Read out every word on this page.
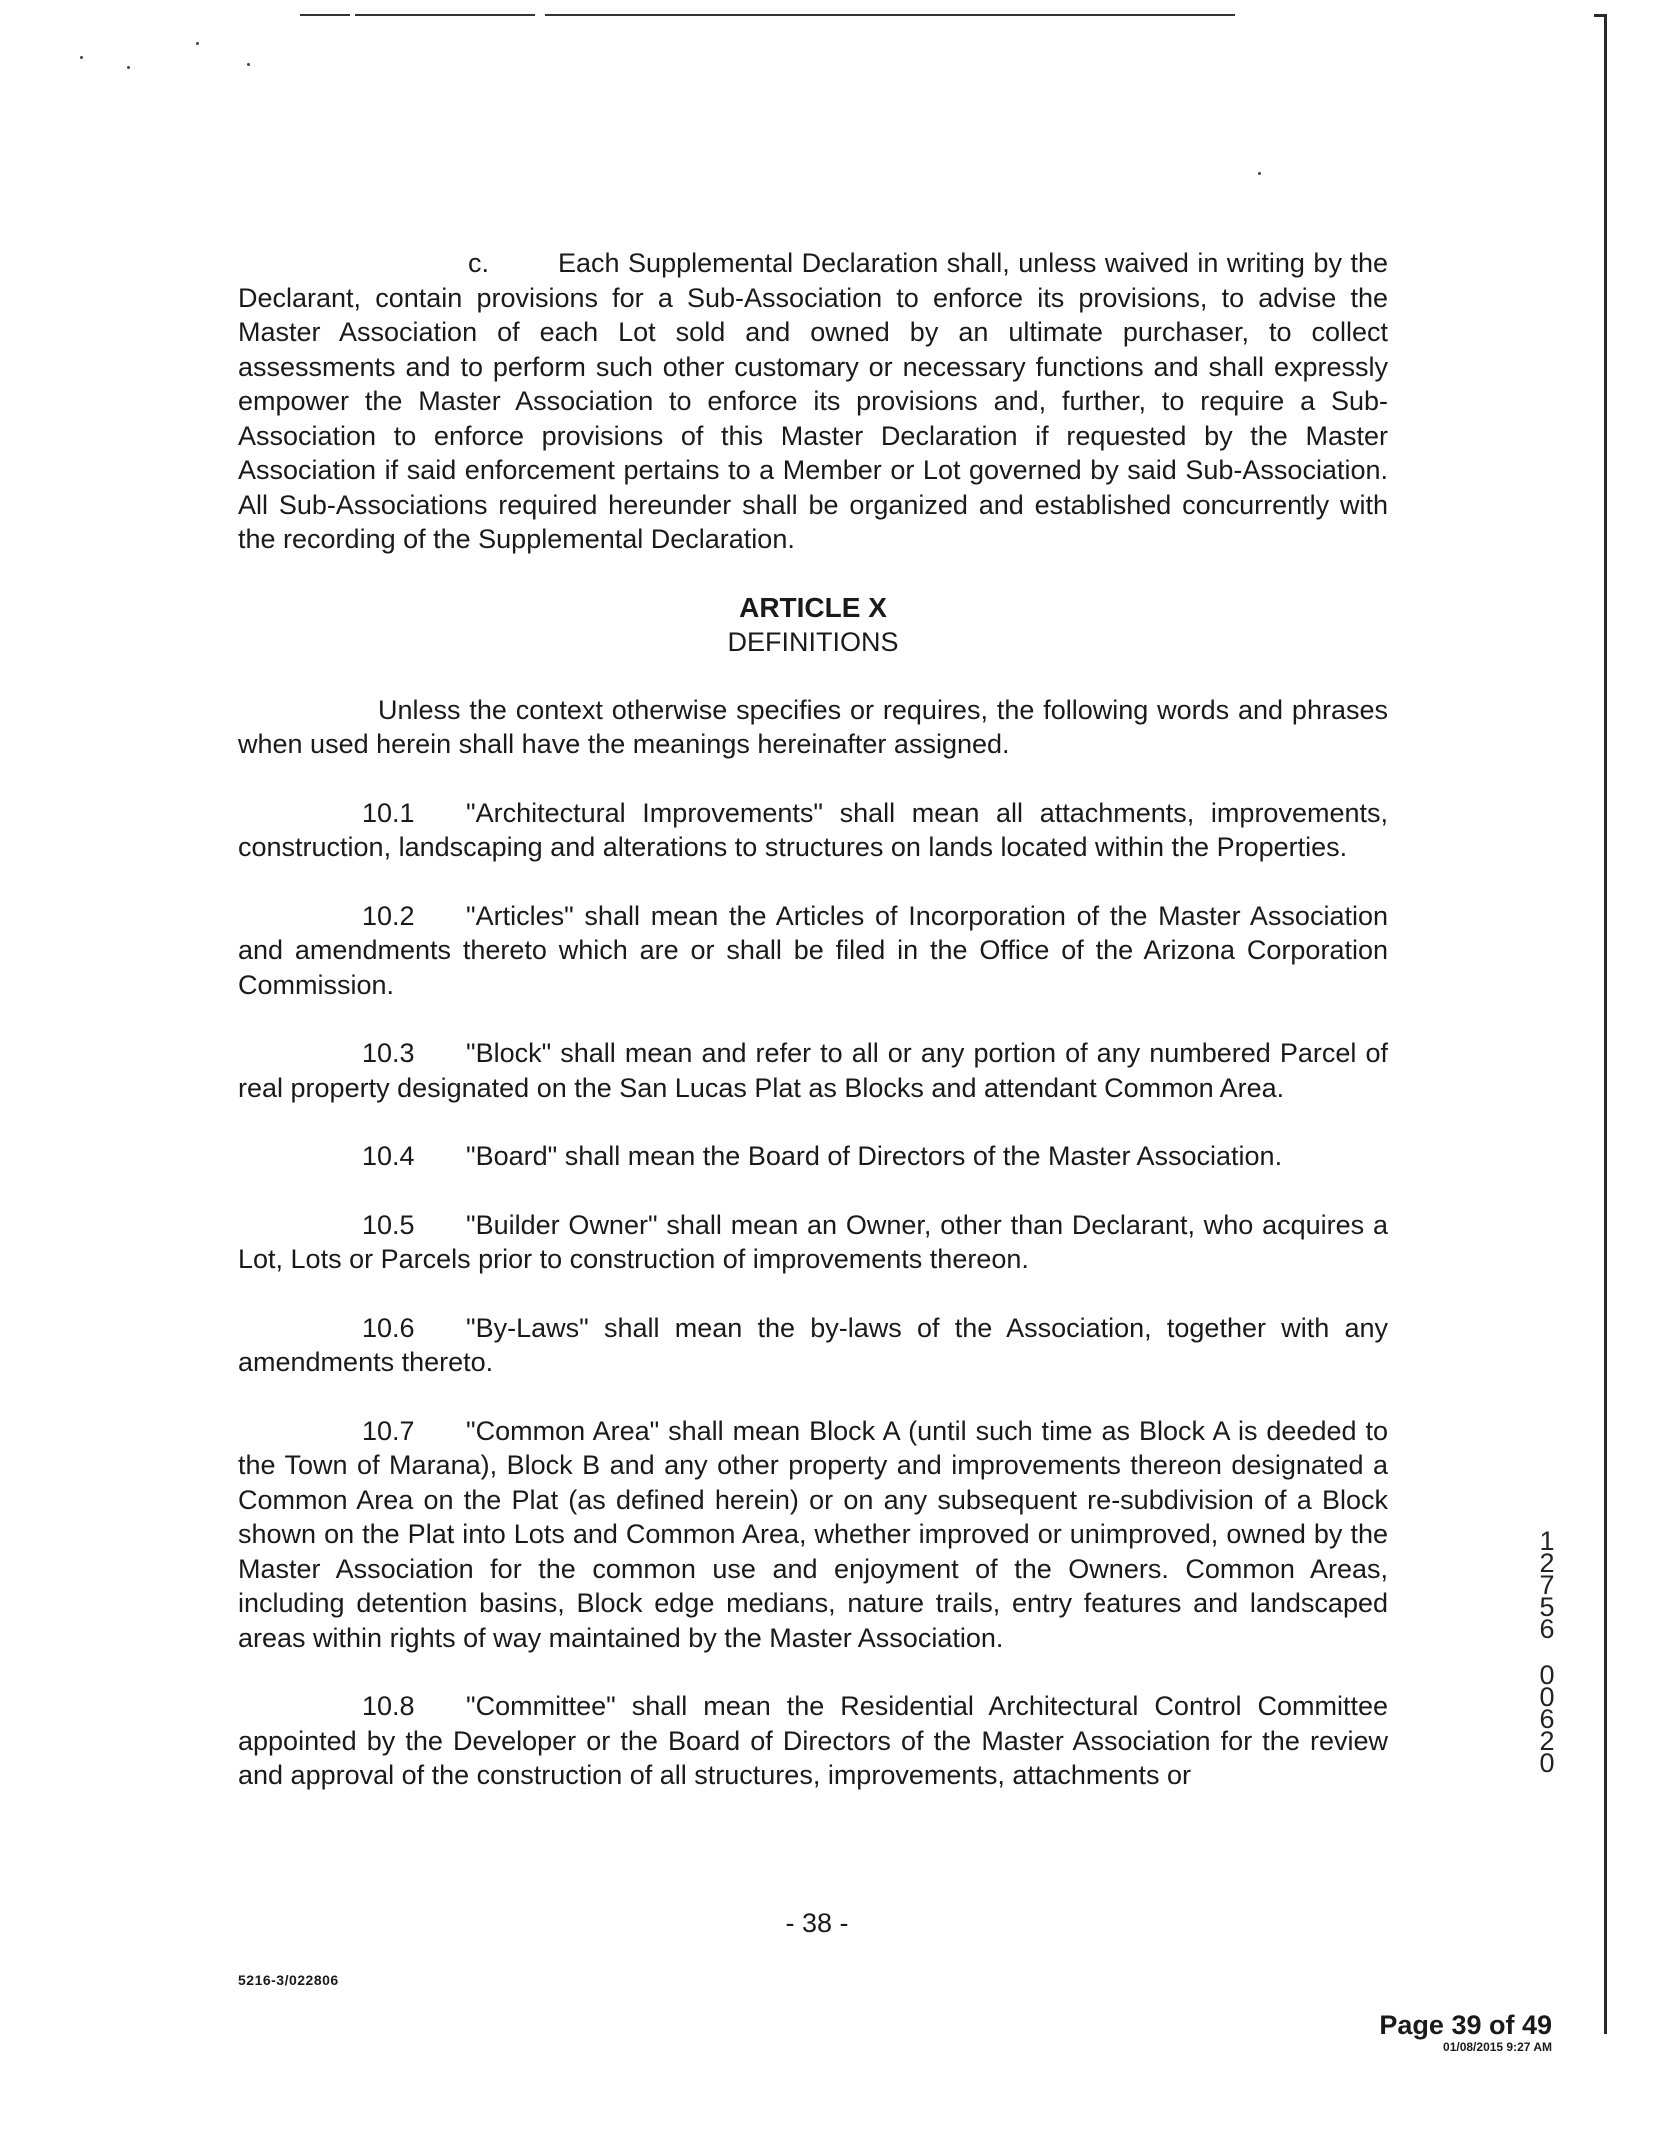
c.	Each Supplemental Declaration shall, unless waived in writing by the Declarant, contain provisions for a Sub-Association to enforce its provisions, to advise the Master Association of each Lot sold and owned by an ultimate purchaser, to collect assessments and to perform such other customary or necessary functions and shall expressly empower the Master Association to enforce its provisions and, further, to require a Sub-Association to enforce provisions of this Master Declaration if requested by the Master Association if said enforcement pertains to a Member or Lot governed by said Sub-Association. All Sub-Associations required hereunder shall be organized and established concurrently with the recording of the Supplemental Declaration.

ARTICLE X

DEFINITIONS

Unless the context otherwise specifies or requires, the following words and phrases when used herein shall have the meanings hereinafter assigned.

10.1 "Architectural Improvements" shall mean all attachments, improvements, construction, landscaping and alterations to structures on lands located within the Properties.

10.2 "Articles" shall mean the Articles of Incorporation of the Master Association and amendments thereto which are or shall be filed in the Office of the Arizona Corporation Commission.

10.3 "Block" shall mean and refer to all or any portion of any numbered Parcel of real property designated on the San Lucas Plat as Blocks and attendant Common Area.

10.4 "Board" shall mean the Board of Directors of the Master Association.

10.5 "Builder Owner" shall mean an Owner, other than Declarant, who acquires a Lot, Lots or Parcels prior to construction of improvements thereon.

10.6 "By-Laws" shall mean the by-laws of the Association, together with any amendments thereto.

10.7 "Common Area" shall mean Block A (until such time as Block A is deeded to the Town of Marana), Block B and any other property and improvements thereon designated a Common Area on the Plat (as defined herein) or on any subsequent re-subdivision of a Block shown on the Plat into Lots and Common Area, whether improved or unimproved, owned by the Master Association for the common use and enjoyment of the Owners. Common Areas, including detention basins, Block edge medians, nature trails, entry features and landscaped areas within rights of way maintained by the Master Association.

10.8 "Committee" shall mean the Residential Architectural Control Committee appointed by the Developer or the Board of Directors of the Master Association for the review and approval of the construction of all structures, improvements, attachments or

- 38 -
5216-3/022806
1
2
7
5
6
0
0
6
2
0
Page 39 of 49
01/08/2015 9:27 AM
